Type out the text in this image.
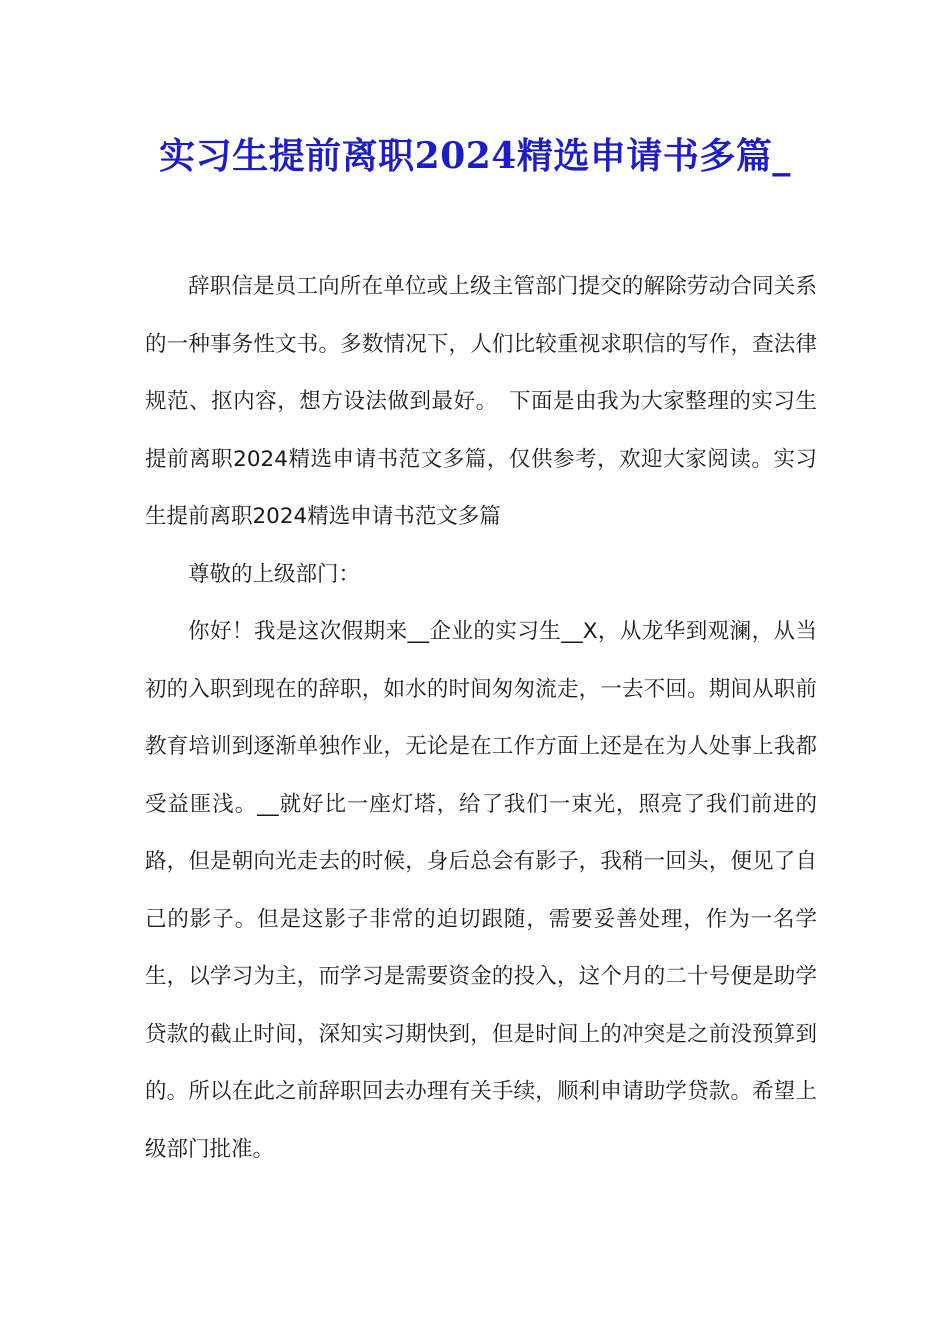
实习生提前离职2024精选申请书多篇_

辞职信是员工向所在单位或上级主管部门提交的解除劳动合同关系的一种事务性文书。多数情况下，人们比较重视求职信的写作，查法律规范、抠内容，想方设法做到最好。　下面是由我为大家整理的实习生提前离职2024精选申请书范文多篇，仅供参考，欢迎大家阅读。实习生提前离职2024精选申请书范文多篇

尊敬的上级部门：

你好！我是这次假期来__企业的实习生__X，从龙华到观澜，从当初的入职到现在的辞职，如水的时间匆匆流走，一去不回。期间从职前教育培训到逐渐单独作业，无论是在工作方面上还是在为人处事上我都受益匪浅。__就好比一座灯塔，给了我们一束光，照亮了我们前进的路，但是朝向光走去的时候，身后总会有影子，我稍一回头，便见了自己的影子。但是这影子非常的迫切跟随，需要妥善处理，作为一名学生，以学习为主，而学习是需要资金的投入，这个月的二十号便是助学贷款的截止时间，深知实习期快到，但是时间上的冲突是之前没预算到的。所以在此之前辞职回去办理有关手续，顺利申请助学贷款。希望上级部门批准。
